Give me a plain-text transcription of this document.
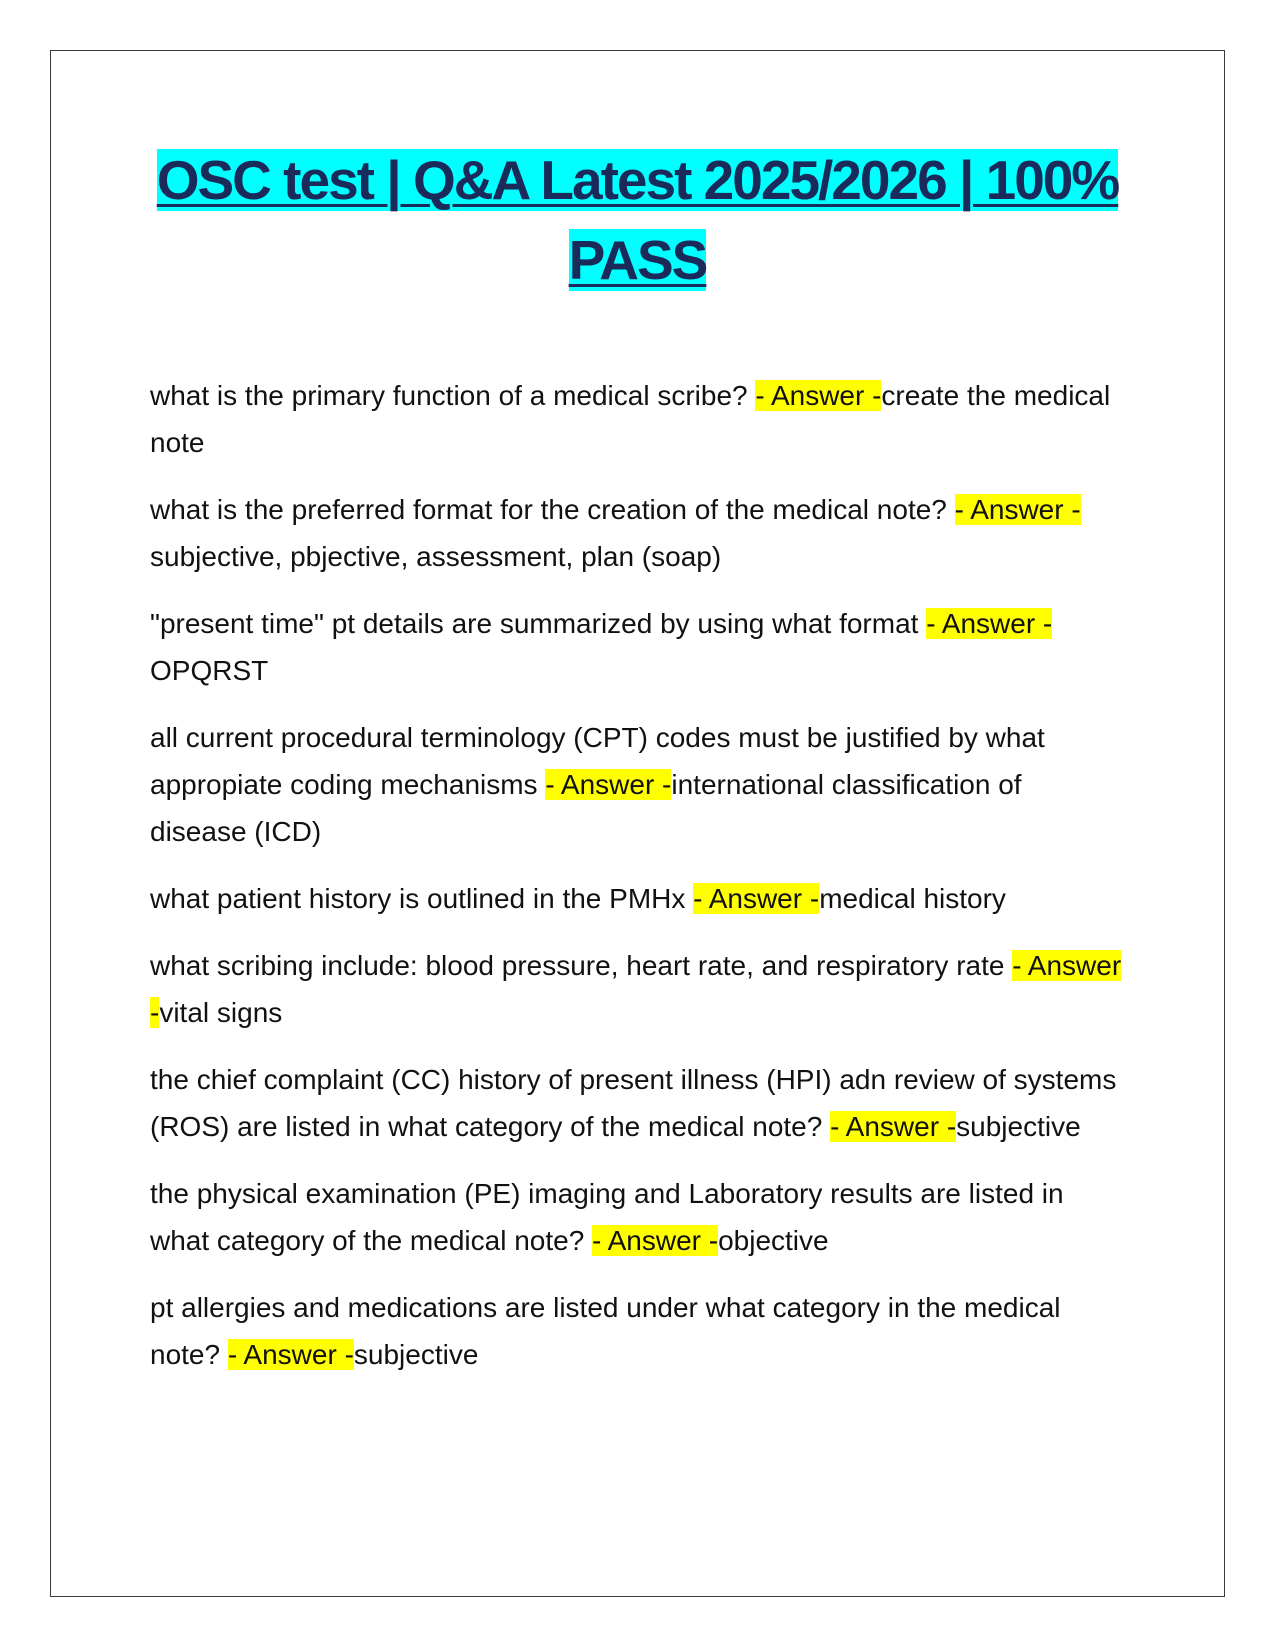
OSC test | Q&A Latest 2025/2026 | 100% PASS
what is the primary function of a medical scribe? - Answer -create the medical note
what is the preferred format for the creation of the medical note? - Answer -subjective, pbjective, assessment, plan (soap)
"present time" pt details are summarized by using what format - Answer -OPQRST
all current procedural terminology (CPT) codes must be justified by what appropiate coding mechanisms - Answer -international classification of disease (ICD)
what patient history is outlined in the PMHx - Answer -medical history
what scribing include: blood pressure, heart rate, and respiratory rate - Answer -vital signs
the chief complaint (CC) history of present illness (HPI) adn review of systems (ROS) are listed in what category of the medical note? - Answer -subjective
the physical examination (PE) imaging and Laboratory results are listed in what category of the medical note? - Answer -objective
pt allergies and medications are listed under what category in the medical note? - Answer -subjective
